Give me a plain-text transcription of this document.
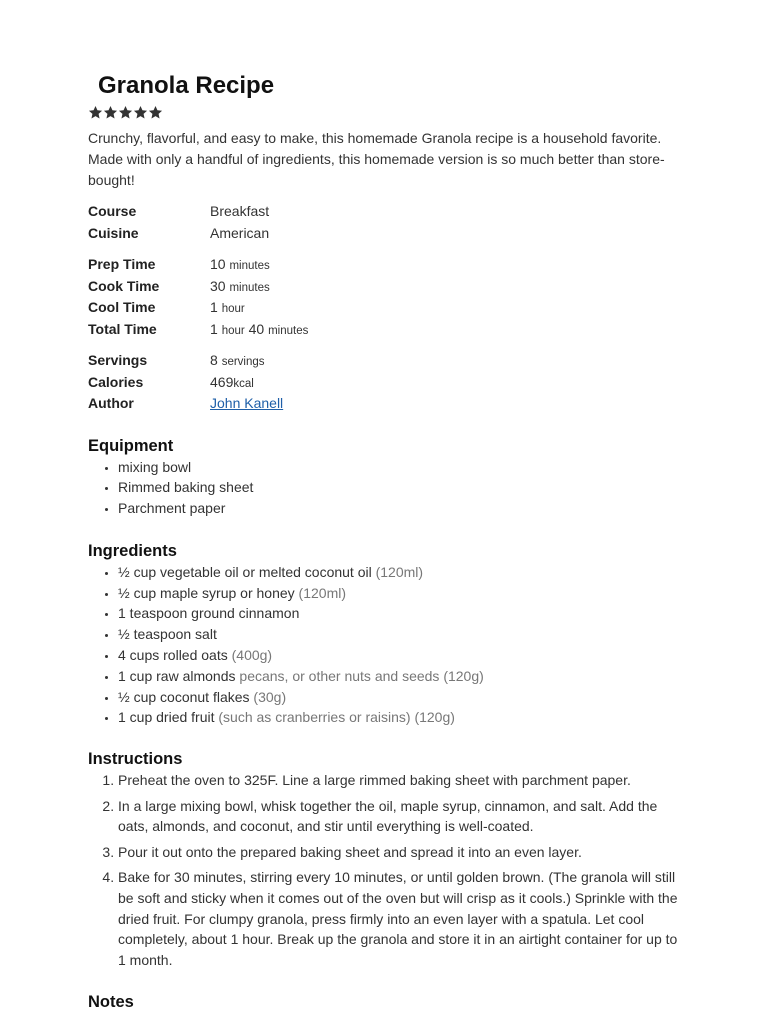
Granola Recipe
Crunchy, flavorful, and easy to make, this homemade Granola recipe is a household favorite. Made with only a handful of ingredients, this homemade version is so much better than store-bought!
Course	Breakfast
Cuisine	American
Prep Time	10 minutes
Cook Time	30 minutes
Cool Time	1 hour
Total Time	1 hour 40 minutes
Servings	8 servings
Calories	469kcal
Author	John Kanell
Equipment
• mixing bowl
• Rimmed baking sheet
• Parchment paper
Ingredients
• ½ cup vegetable oil or melted coconut oil (120ml)
• ½ cup maple syrup or honey (120ml)
• 1 teaspoon ground cinnamon
• ½ teaspoon salt
• 4 cups rolled oats (400g)
• 1 cup raw almonds pecans, or other nuts and seeds (120g)
• ½ cup coconut flakes (30g)
• 1 cup dried fruit (such as cranberries or raisins) (120g)
Instructions
1. Preheat the oven to 325F. Line a large rimmed baking sheet with parchment paper.
2. In a large mixing bowl, whisk together the oil, maple syrup, cinnamon, and salt. Add the oats, almonds, and coconut, and stir until everything is well-coated.
3. Pour it out onto the prepared baking sheet and spread it into an even layer.
4. Bake for 30 minutes, stirring every 10 minutes, or until golden brown. (The granola will still be soft and sticky when it comes out of the oven but will crisp as it cools.) Sprinkle with the dried fruit. For clumpy granola, press firmly into an even layer with a spatula. Let cool completely, about 1 hour. Break up the granola and store it in an airtight container for up to 1 month.
Notes
